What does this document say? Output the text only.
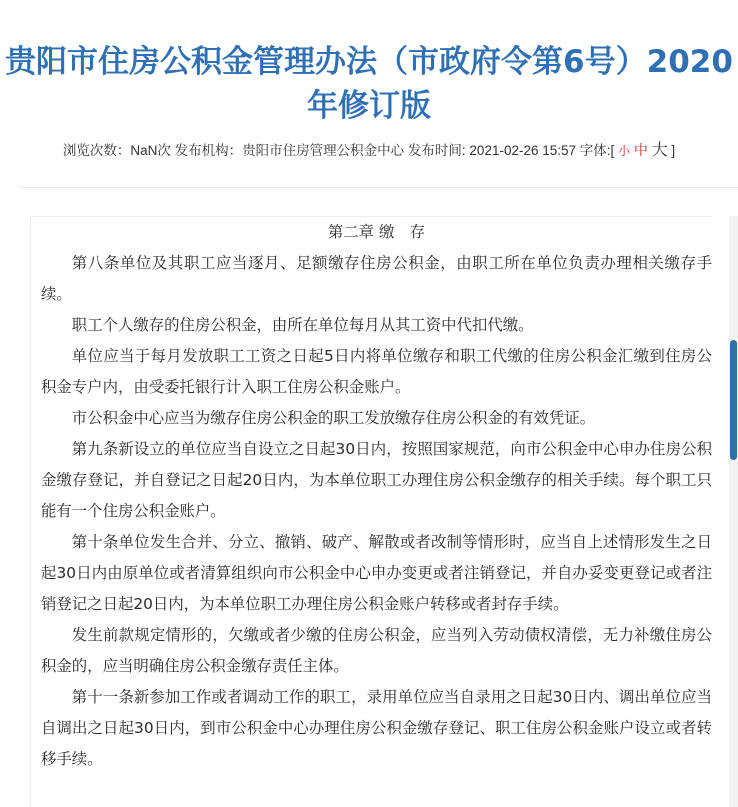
贵阳市住房公积金管理办法（市政府令第6号）2020年修订版
浏览次数：NaN次 发布机构：贵阳市住房管理公积金中心 发布时间: 2021-02-26 15:57 字体:[ 小 中 大 ]

第二章 缴　存

第八条单位及其职工应当逐月、足额缴存住房公积金，由职工所在单位负责办理相关缴存手续。

职工个人缴存的住房公积金，由所在单位每月从其工资中代扣代缴。

单位应当于每月发放职工工资之日起5日内将单位缴存和职工代缴的住房公积金汇缴到住房公积金专户内，由受委托银行计入职工住房公积金账户。

市公积金中心应当为缴存住房公积金的职工发放缴存住房公积金的有效凭证。

第九条新设立的单位应当自设立之日起30日内，按照国家规范，向市公积金中心申办住房公积金缴存登记，并自登记之日起20日内，为本单位职工办理住房公积金缴存的相关手续。每个职工只能有一个住房公积金账户。

第十条单位发生合并、分立、撤销、破产、解散或者改制等情形时，应当自上述情形发生之日起30日内由原单位或者清算组织向市公积金中心申办变更或者注销登记，并自办妥变更登记或者注销登记之日起20日内，为本单位职工办理住房公积金账户转移或者封存手续。

发生前款规定情形的，欠缴或者少缴的住房公积金，应当列入劳动债权清偿，无力补缴住房公积金的，应当明确住房公积金缴存责任主体。

第十一条新参加工作或者调动工作的职工，录用单位应当自录用之日起30日内、调出单位应当自调出之日起30日内，到市公积金中心办理住房公积金缴存登记、职工住房公积金账户设立或者转移手续。
